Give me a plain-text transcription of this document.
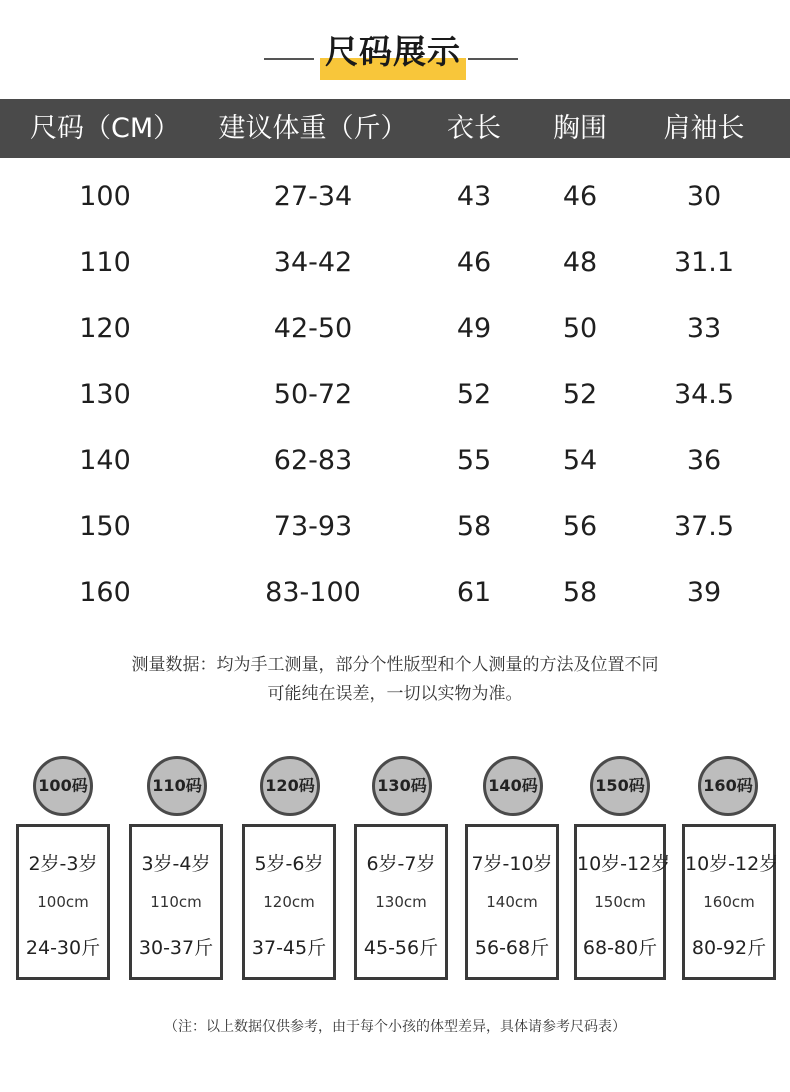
尺码展示
尺码（CM） 建议体重（斤）	衣长	胸围	肩袖长
100	27-34	43	46	30
110	34-42	46	48	31.1
120	42-50	49	50	33
130	50-72	52	52	34.5
140	62-83	55	54	36
150	73-93	58	56	37.5
160	83-100	61	58	39
测量数据：均为手工测量，部分个性版型和个人测量的方法及位置不同
可能纯在误差，一切以实物为准。
100码	110码	120码	130码	140码	150码	160码
2岁-3岁
100cm
24-30斤
3岁-4岁
110cm
30-37斤
5岁-6岁
120cm
37-45斤
6岁-7岁
130cm
45-56斤
7岁-10岁
140cm
56-68斤
10岁-12岁
150cm
68-80斤
10岁-12岁
160cm
80-92斤
（注：以上数据仅供参考，由于每个小孩的体型差异，具体请参考尺码表）
